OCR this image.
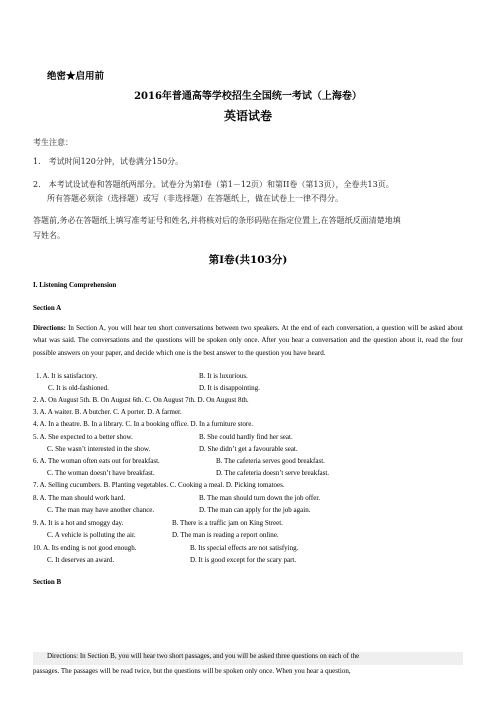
绝密★启用前
2016年普通高等学校招生全国统一考试（上海卷）
英语试卷
考生注意：
1.　考试时间120分钟，试卷满分150分。
2.　本考试设试卷和答题纸两部分。试卷分为第I卷（第1－12页）和第II卷（第13页），全卷共13页。
所有答题必须涂（选择题）或写（非选择题）在答题纸上，做在试卷上一律不得分。
答题前,务必在答题纸上填写准考证号和姓名,并将核对后的条形码贴在指定位置上,在答题纸反面清楚地填
写姓名。
第I卷(共103分)
I. Listening Comprehension
Section A
Directions: In Section A, you will hear ten short conversations between two speakers. At the end of each conversation, a question will be asked about what was said. The conversations and the questions will be spoken only once. After you hear a conversation and the question about it, read the four possible answers on your paper, and decide which one is the best answer to the question you have heard.
1. A. It is satisfactory.	B. It is luxurious.
C. It is old-fashioned.	D. It is disappointing.
2. A. On August 5th. B. On August 6th. C. On August 7th. D. On August 8th.
3. A. A waiter. B. A butcher. C. A porter. D. A farmer.
4. A. In a theatre. B. In a library. C. In a booking office. D. In a furniture store.
5. A. She expected to a better show.	B. She could hardly find her seat.
C. She wasn’t interested in the show.	D. She didn’t get a favourable seat.
6. A. The woman often eats out for breakfast.	B. The cafeteria serves good breakfast.
C. The woman doesn’t have breakfast.	D. The cafeteria doesn’t serve breakfast.
7. A. Selling cucumbers. B. Planting vegetables. C. Cooking a meal. D. Picking tomatoes.
8. A. The man should work hard.	B. The man should turn down the job offer.
C. The man may have another chance.	D. The man can apply for the job again.
9. A. It is a hot and smoggy day.	B. There is a traffic jam on King Street.
C. A vehicle is polluting the air.	D. The man is reading a report online.
10. A. Its ending is not good enough.	B. Its special effects are not satisfying.
C. It deserves an award.	D. It is good except for the scary part.
Section B
Directions: In Section B, you will hear two short passages, and you will be asked three questions on each of the
passages. The passages will be read twice, but the questions will be spoken only once. When you hear a question,
